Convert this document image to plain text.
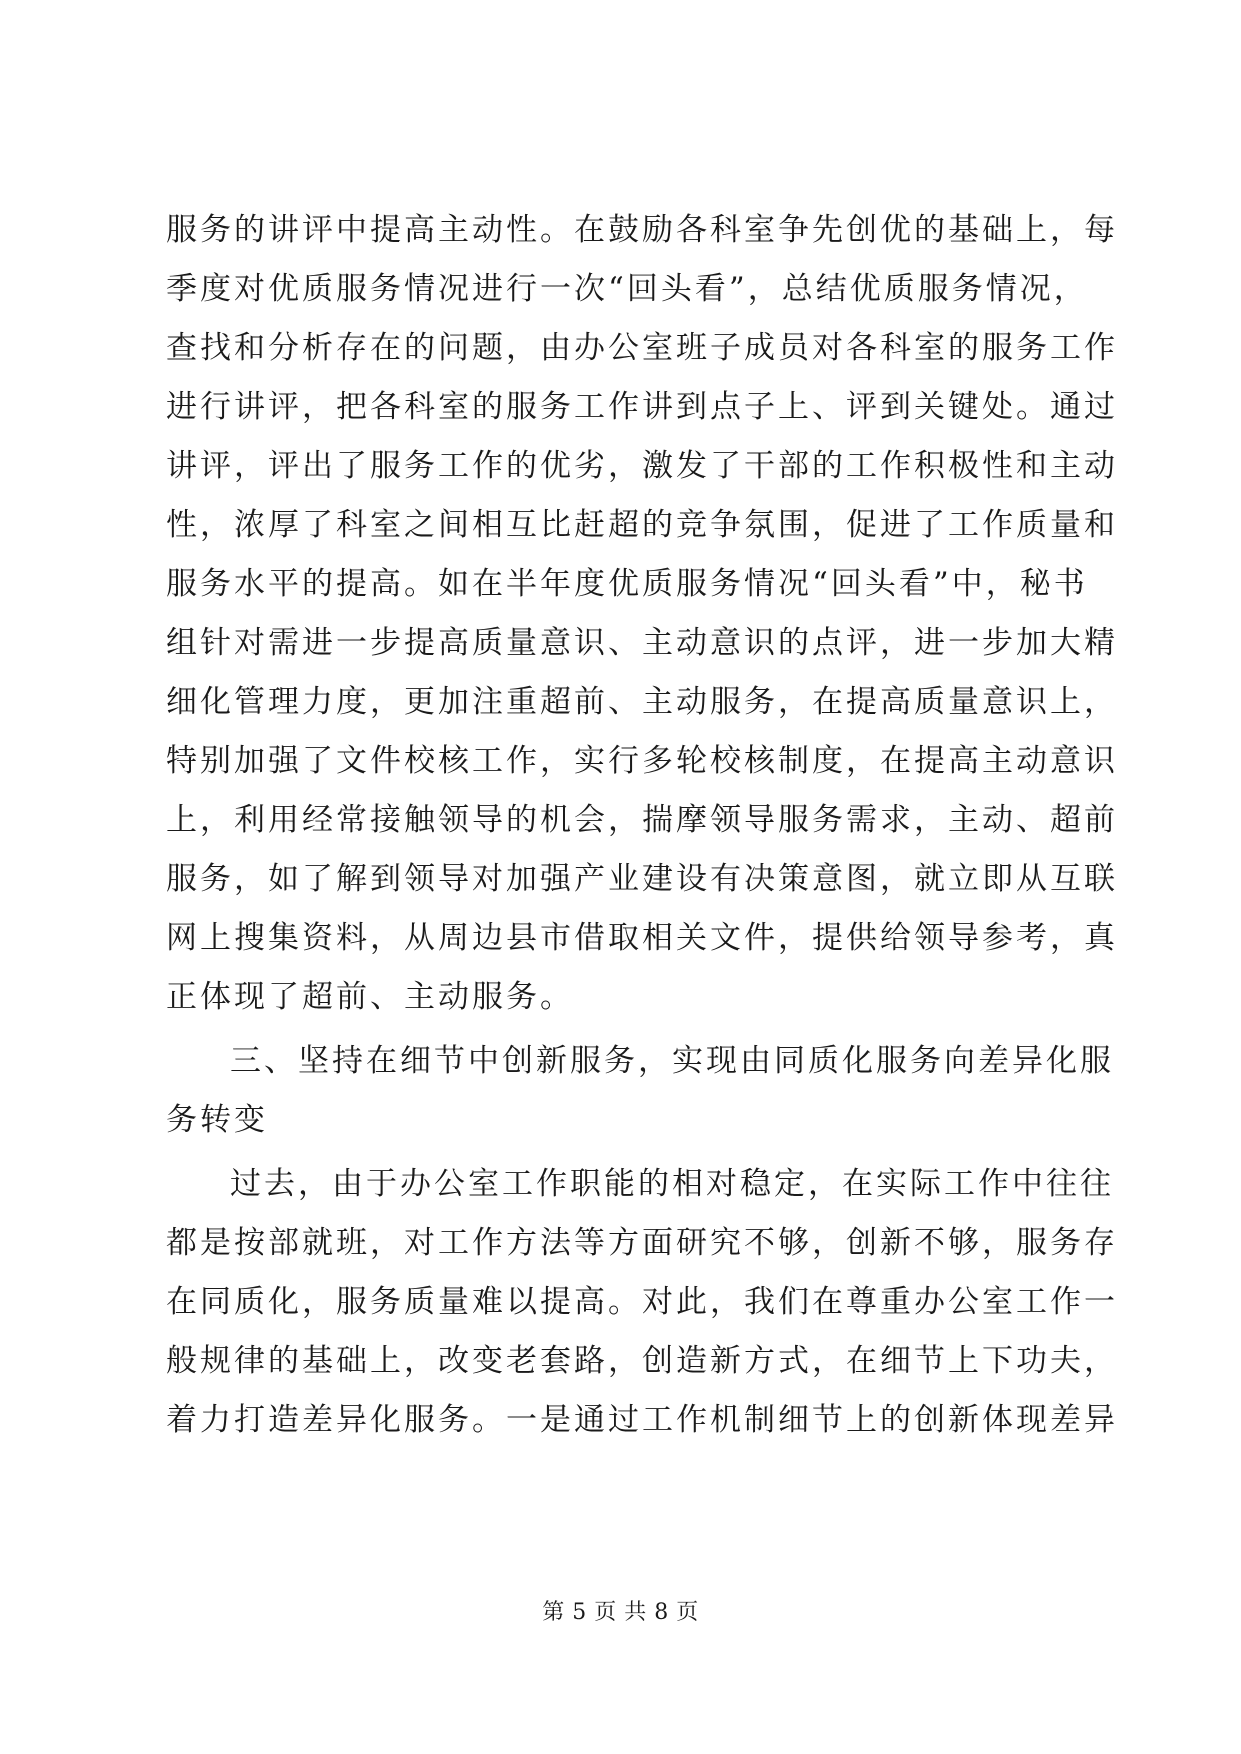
服务的讲评中提高主动性。在鼓励各科室争先创优的基础上，每
季度对优质服务情况进行一次“回头看”，总结优质服务情况，
查找和分析存在的问题，由办公室班子成员对各科室的服务工作
进行讲评，把各科室的服务工作讲到点子上、评到关键处。通过
讲评，评出了服务工作的优劣，激发了干部的工作积极性和主动
性，浓厚了科室之间相互比赶超的竞争氛围，促进了工作质量和
服务水平的提高。如在半年度优质服务情况“回头看”中，秘书
组针对需进一步提高质量意识、主动意识的点评，进一步加大精
细化管理力度，更加注重超前、主动服务，在提高质量意识上，
特别加强了文件校核工作，实行多轮校核制度，在提高主动意识
上，利用经常接触领导的机会，揣摩领导服务需求，主动、超前
服务，如了解到领导对加强产业建设有决策意图，就立即从互联
网上搜集资料，从周边县市借取相关文件，提供给领导参考，真
正体现了超前、主动服务。
三、坚持在细节中创新服务，实现由同质化服务向差异化服
务转变
过去，由于办公室工作职能的相对稳定，在实际工作中往往
都是按部就班，对工作方法等方面研究不够，创新不够，服务存
在同质化，服务质量难以提高。对此，我们在尊重办公室工作一
般规律的基础上，改变老套路，创造新方式，在细节上下功夫，
着力打造差异化服务。一是通过工作机制细节上的创新体现差异
第 5 页 共 8 页
